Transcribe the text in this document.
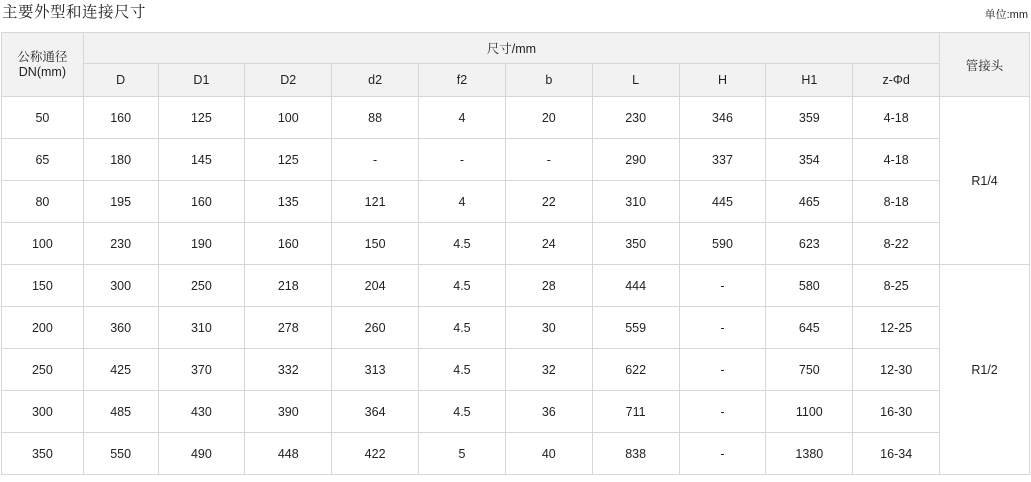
主要外型和连接尺寸	单位:mm
公称通径
DN(mm)	尺寸/mm										管接头
	D	D1	D2	d2	f2	b	L	H	H1	z-Φd	
50	160	125	100	88	4	20	230	346	359	4-18	R1/4
65	180	145	125	-	-	-	290	337	354	4-18	
80	195	160	135	121	4	22	310	445	465	8-18	
100	230	190	160	150	4.5	24	350	590	623	8-22	
150	300	250	218	204	4.5	28	444	-	580	8-25	R1/2
200	360	310	278	260	4.5	30	559	-	645	12-25	
250	425	370	332	313	4.5	32	622	-	750	12-30	
300	485	430	390	364	4.5	36	711	-	1100	16-30	
350	550	490	448	422	5	40	838	-	1380	16-34	
